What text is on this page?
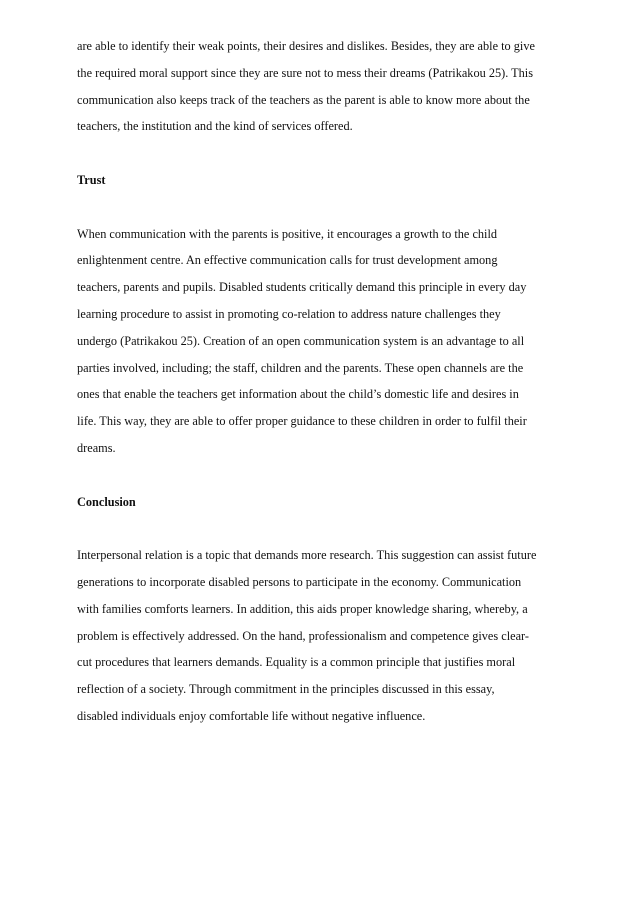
are able to identify their weak points, their desires and dislikes. Besides, they are able to give
the required moral support since they are sure not to mess their dreams (Patrikakou 25). This
communication also keeps track of the teachers as the parent is able to know more about the
teachers, the institution and the kind of services offered.
Trust
When communication with the parents is positive, it encourages a growth to the child
enlightenment centre. An effective communication calls for trust development among
teachers, parents and pupils. Disabled students critically demand this principle in every day
learning procedure to assist in promoting co-relation to address nature challenges they
undergo (Patrikakou 25). Creation of an open communication system is an advantage to all
parties involved, including; the staff, children and the parents. These open channels are the
ones that enable the teachers get information about the child’s domestic life and desires in
life. This way, they are able to offer proper guidance to these children in order to fulfil their
dreams.
Conclusion
Interpersonal relation is a topic that demands more research. This suggestion can assist future
generations to incorporate disabled persons to participate in the economy. Communication
with families comforts learners. In addition, this aids proper knowledge sharing, whereby, a
problem is effectively addressed. On the hand, professionalism and competence gives clear-
cut procedures that learners demands. Equality is a common principle that justifies moral
reflection of a society. Through commitment in the principles discussed in this essay,
disabled individuals enjoy comfortable life without negative influence.
